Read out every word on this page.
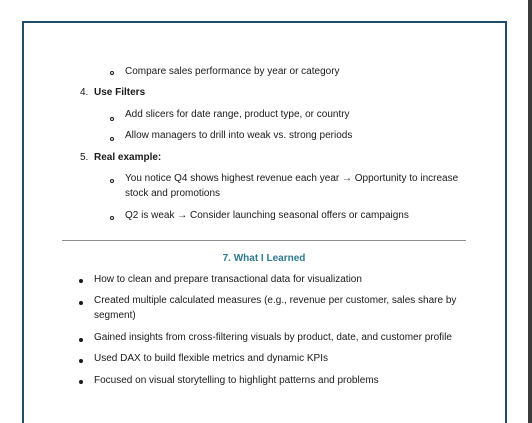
Compare sales performance by year or category
4. Use Filters
Add slicers for date range, product type, or country
Allow managers to drill into weak vs. strong periods
5. Real example:
You notice Q4 shows highest revenue each year → Opportunity to increase
stock and promotions
Q2 is weak → Consider launching seasonal offers or campaigns
7. What I Learned
How to clean and prepare transactional data for visualization
Created multiple calculated measures (e.g., revenue per customer, sales share by
segment)
Gained insights from cross-filtering visuals by product, date, and customer profile
Used DAX to build flexible metrics and dynamic KPIs
Focused on visual storytelling to highlight patterns and problems
